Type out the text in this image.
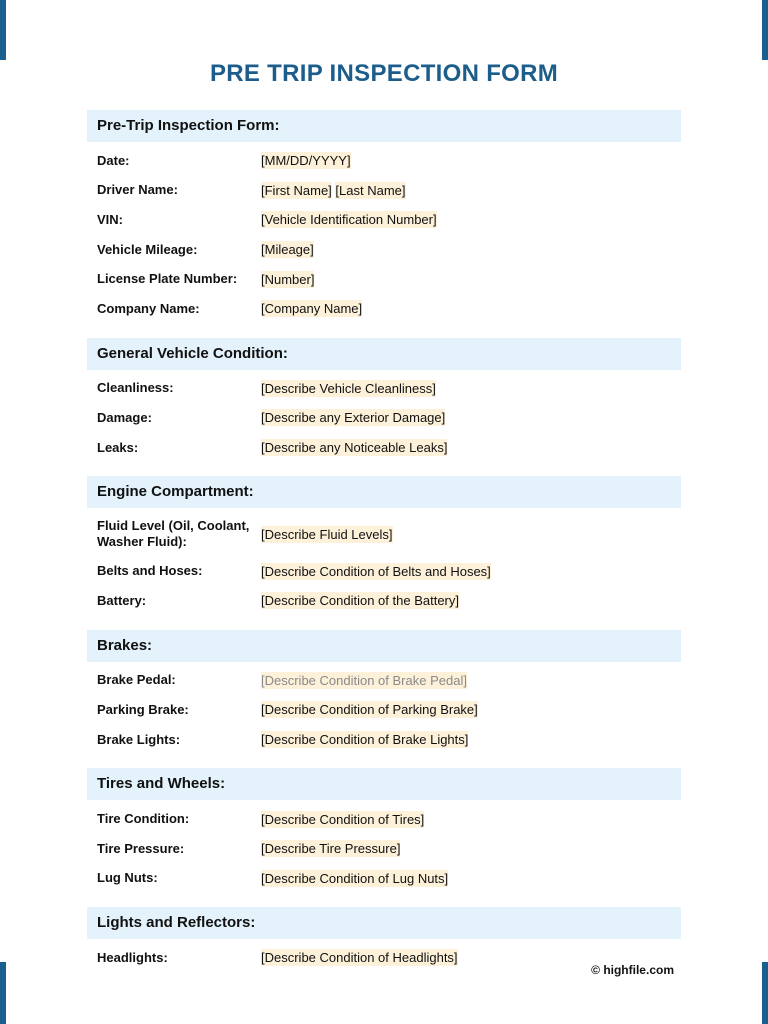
PRE TRIP INSPECTION FORM
Pre-Trip Inspection Form:
Date:	[MM/DD/YYYY]
Driver Name:	[First Name] [Last Name]
VIN:	[Vehicle Identification Number]
Vehicle Mileage:	[Mileage]
License Plate Number:	[Number]
Company Name:	[Company Name]
General Vehicle Condition:
Cleanliness:	[Describe Vehicle Cleanliness]
Damage:	[Describe any Exterior Damage]
Leaks:	[Describe any Noticeable Leaks]
Engine Compartment:
Fluid Level (Oil, Coolant, Washer Fluid):	[Describe Fluid Levels]
Belts and Hoses:	[Describe Condition of Belts and Hoses]
Battery:	[Describe Condition of the Battery]
Brakes:
Brake Pedal:	[Describe Condition of Brake Pedal]
Parking Brake:	[Describe Condition of Parking Brake]
Brake Lights:	[Describe Condition of Brake Lights]
Tires and Wheels:
Tire Condition:	[Describe Condition of Tires]
Tire Pressure:	[Describe Tire Pressure]
Lug Nuts:	[Describe Condition of Lug Nuts]
Lights and Reflectors:
Headlights:	[Describe Condition of Headlights]
© highfile.com
